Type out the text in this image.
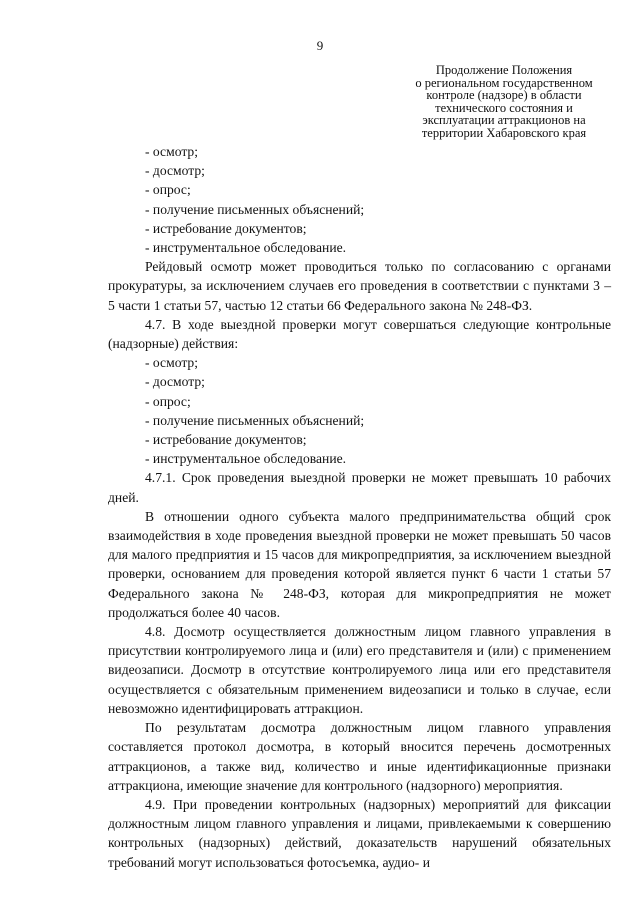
9
Продолжение Положения
о региональном государственном
контроле (надзоре) в области
технического состояния и
эксплуатации аттракционов на
территории Хабаровского края

- осмотр;

- досмотр;

- опрос;

- получение письменных объяснений;

- истребование документов;

- инструментальное обследование.

Рейдовый осмотр может проводиться только по согласованию с органами прокуратуры, за исключением случаев его проведения в соответствии с пунктами 3 – 5 части 1 статьи 57, частью 12 статьи 66 Федерального закона № 248-ФЗ.

4.7. В ходе выездной проверки могут совершаться следующие контрольные (надзорные) действия:

- осмотр;

- досмотр;

- опрос;

- получение письменных объяснений;

- истребование документов;

- инструментальное обследование.

4.7.1. Срок проведения выездной проверки не может превышать 10 рабочих дней.

В отношении одного субъекта малого предпринимательства общий срок взаимодействия в ходе проведения выездной проверки не может превышать 50 часов для малого предприятия и 15 часов для микропредприятия, за исключением выездной проверки, основанием для проведения которой является пункт 6 части 1 статьи 57 Федерального закона № 248-ФЗ, которая для микропредприятия не может продолжаться более 40 часов.

4.8. Досмотр осуществляется должностным лицом главного управления в присутствии контролируемого лица и (или) его представителя и (или) с применением видеозаписи. Досмотр в отсутствие контролируемого лица или его представителя осуществляется с обязательным применением видеозаписи и только в случае, если невозможно идентифицировать аттракцион.

По результатам досмотра должностным лицом главного управления составляется протокол досмотра, в который вносится перечень досмотренных аттракционов, а также вид, количество и иные идентификационные признаки аттракциона, имеющие значение для контрольного (надзорного) мероприятия.

4.9. При проведении контрольных (надзорных) мероприятий для фиксации должностным лицом главного управления и лицами, привлекаемыми к совершению контрольных (надзорных) действий, доказательств нарушений обязательных требований могут использоваться фотосъемка, аудио- и
